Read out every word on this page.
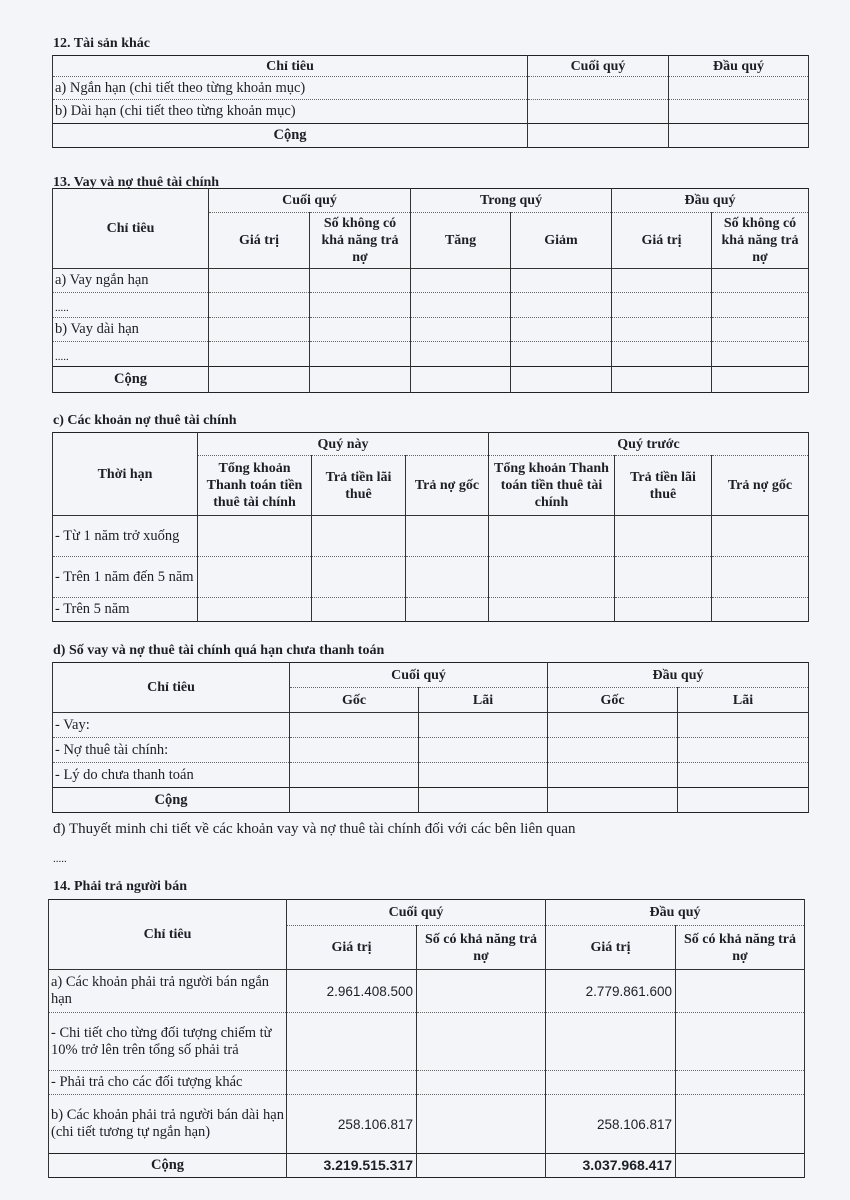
12. Tài sản khác
Chỉ tiêu	Cuối quý	Đầu quý
a) Ngắn hạn (chi tiết theo từng khoản mục)		
b) Dài hạn (chi tiết theo từng khoản mục)		
Cộng		
13. Vay và nợ thuê tài chính
Chỉ tiêu	Cuối quý		Trong quý		Đầu quý	
	Giá trị	Số không có khả năng trả nợ	Tăng	Giảm	Giá trị	Số không có khả năng trả nợ
a) Vay ngắn hạn						
.....						
b) Vay dài hạn						
.....						
Cộng						
c) Các khoản nợ thuê tài chính
Thời hạn	Quý này			Quý trước		
	Tổng khoản Thanh toán tiền thuê tài chính	Trả tiền lãi thuê	Trả nợ gốc	Tổng khoản Thanh toán tiền thuê tài chính	Trả tiền lãi thuê	Trả nợ gốc
- Từ 1 năm trở xuống						
- Trên 1 năm đến 5 năm						
- Trên 5 năm						
d) Số vay và nợ thuê tài chính quá hạn chưa thanh toán
Chỉ tiêu	Cuối quý		Đầu quý	
	Gốc	Lãi	Gốc	Lãi
- Vay:				
- Nợ thuê tài chính:				
- Lý do chưa thanh toán				
Cộng				
đ) Thuyết minh chi tiết về các khoản vay và nợ thuê tài chính đối với các bên liên quan
.....
14. Phải trả người bán
Chỉ tiêu	Cuối quý		Đầu quý	
	Giá trị	Số có khả năng trả nợ	Giá trị	Số có khả năng trả nợ
a) Các khoản phải trả người bán ngắn hạn	2.961.408.500		2.779.861.600	
- Chi tiết cho từng đối tượng chiếm từ 10% trở lên trên tổng số phải trả				
- Phải trả cho các đối tượng khác				
b) Các khoản phải trả người bán dài hạn (chi tiết tương tự ngắn hạn)	258.106.817		258.106.817	
Cộng	3.219.515.317		3.037.968.417	
